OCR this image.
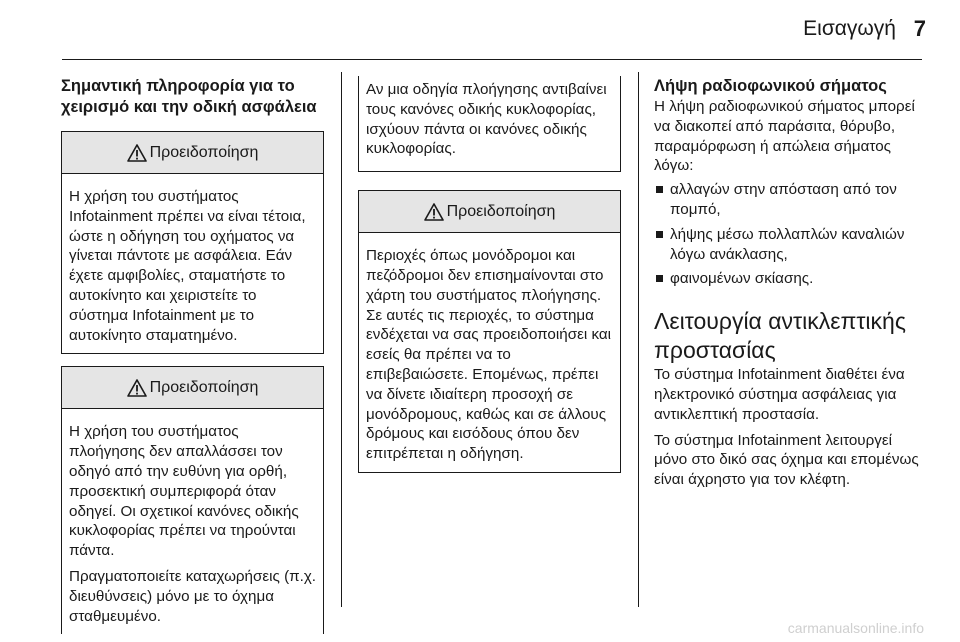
Εισαγωγή 7
Σημαντική πληροφορία για το χειρισμό και την οδική ασφάλεια
Προειδοποίηση

Η χρήση του συστήματος Infotainment πρέπει να είναι τέτοια, ώστε η οδήγηση του οχήματος να γίνεται πάντοτε με ασφάλεια. Εάν έχετε αμφιβολίες, σταματήστε το αυτοκίνητο και χειριστείτε το σύστημα Infotainment με το αυτοκίνητο σταματημένο.

Προειδοποίηση

Η χρήση του συστήματος πλοήγησης δεν απαλλάσσει τον οδηγό από την ευθύνη για ορθή, προσεκτική συμπεριφορά όταν οδηγεί. Οι σχετικοί κανόνες οδικής κυκλοφορίας πρέπει να τηρούνται πάντα.

Πραγματοποιείτε καταχωρήσεις (π.χ. διευθύνσεις) μόνο με το όχημα σταθμευμένο.

Αν μια οδηγία πλοήγησης αντιβαίνει τους κανόνες οδικής κυκλοφορίας, ισχύουν πάντα οι κανόνες οδικής κυκλοφορίας.

Προειδοποίηση

Περιοχές όπως μονόδρομοι και πεζόδρομοι δεν επισημαίνονται στο χάρτη του συστήματος πλοήγησης. Σε αυτές τις περιοχές, το σύστημα ενδέχεται να σας προειδοποιήσει και εσείς θα πρέπει να το επιβεβαιώσετε. Επομένως, πρέπει να δίνετε ιδιαίτερη προσοχή σε μονόδρομους, καθώς και σε άλλους δρόμους και εισόδους όπου δεν επιτρέπεται η οδήγηση.

Λήψη ραδιοφωνικού σήματος

Η λήψη ραδιοφωνικού σήματος μπορεί να διακοπεί από παράσιτα, θόρυβο, παραμόρφωση ή απώλεια σήματος λόγω:

αλλαγών στην απόσταση από τον πομπό,
λήψης μέσω πολλαπλών καναλιών λόγω ανάκλασης,
φαινομένων σκίασης.
Λειτουργία αντικλεπτικής προστασίας

Το σύστημα Infotainment διαθέτει ένα ηλεκτρονικό σύστημα ασφάλειας για αντικλεπτική προστασία.

Το σύστημα Infotainment λειτουργεί μόνο στο δικό σας όχημα και επομένως είναι άχρηστο για τον κλέφτη.

carmanualsonline.info
